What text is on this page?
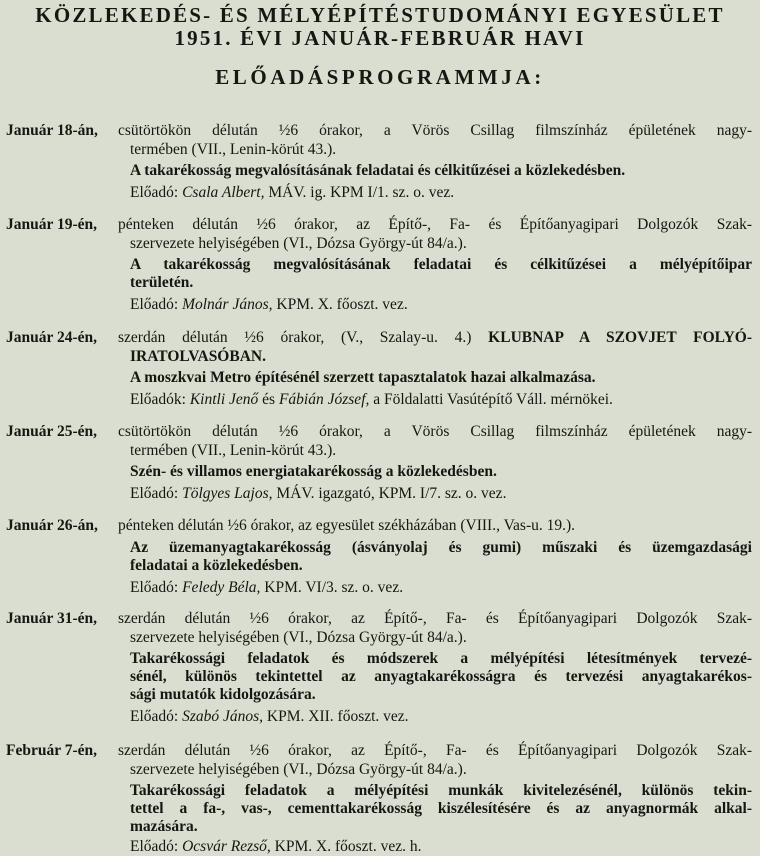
KÖZLEKEDÉS- ÉS MÉLYÉPÍTÉSTUDOMÁNYI EGYESÜLET
1951. ÉVI JANUÁR-FEBRUÁR HAVI
ELŐADÁSPROGRAMMJA:
Január 18-án, csütörtökön délután ½6 órakor, a Vörös Csillag filmszínház épületének nagy-
termében (VII., Lenin-körút 43.).
A takarékosság megvalósításának feladatai és célkitűzései a közlekedésben.
Előadó: Csala Albert, MÁV. ig. KPM I/1. sz. o. vez.
Január 19-én, pénteken délután ½6 órakor, az Építő-, Fa- és Építőanyagipari Dolgozók Szak-
szervezete helyiségében (VI., Dózsa György-út 84/a.).
A takarékosság megvalósításának feladatai és célkitűzései a mélyépítőipar
területén.
Előadó: Molnár János, KPM. X. főoszt. vez.
Január 24-én, szerdán délután ½6 órakor, (V., Szalay-u. 4.) KLUBNAP A SZOVJET FOLYÓ-
IRATOLVASÓBAN.
A moszkvai Metro építésénél szerzett tapasztalatok hazai alkalmazása.
Előadók: Kintli Jenő és Fábián József, a Földalatti Vasútépítő Váll. mérnökei.
Január 25-én, csütörtökön délután ½6 órakor, a Vörös Csillag filmszínház épületének nagy-
termében (VII., Lenin-körút 43.).
Szén- és villamos energiatakarékosság a közlekedésben.
Előadó: Tölgyes Lajos, MÁV. igazgató, KPM. I/7. sz. o. vez.
Január 26-án, pénteken délután ½6 órakor, az egyesület székházában (VIII., Vas-u. 19.).
Az üzemanyagtakarékosság (ásványolaj és gumi) műszaki és üzemgazdasági
feladatai a közlekedésben.
Előadó: Feledy Béla, KPM. VI/3. sz. o. vez.
Január 31-én, szerdán délután ½6 órakor, az Építő-, Fa- és Építőanyagipari Dolgozók Szak-
szervezete helyiségében (VI., Dózsa György-út 84/a.).
Takarékossági feladatok és módszerek a mélyépítési létesítmények tervezé-
sénél, különös tekintettel az anyagtakarékosságra és tervezési anyagtakarékos-
sági mutatók kidolgozására.
Előadó: Szabó János, KPM. XII. főoszt. vez.
Február 7-én, szerdán délután ½6 órakor, az Építő-, Fa- és Építőanyagipari Dolgozók Szak-
szervezete helyiségében (VI., Dózsa György-út 84/a.).
Takarékossági feladatok a mélyépítési munkák kivitelezésénél, különös tekin-
tettel a fa-, vas-, cementtakarékosság kiszélesítésére és az anyagnormák alkal-
mazására.
Előadó: Ocsvár Rezső, KPM. X. főoszt. vez. h.
